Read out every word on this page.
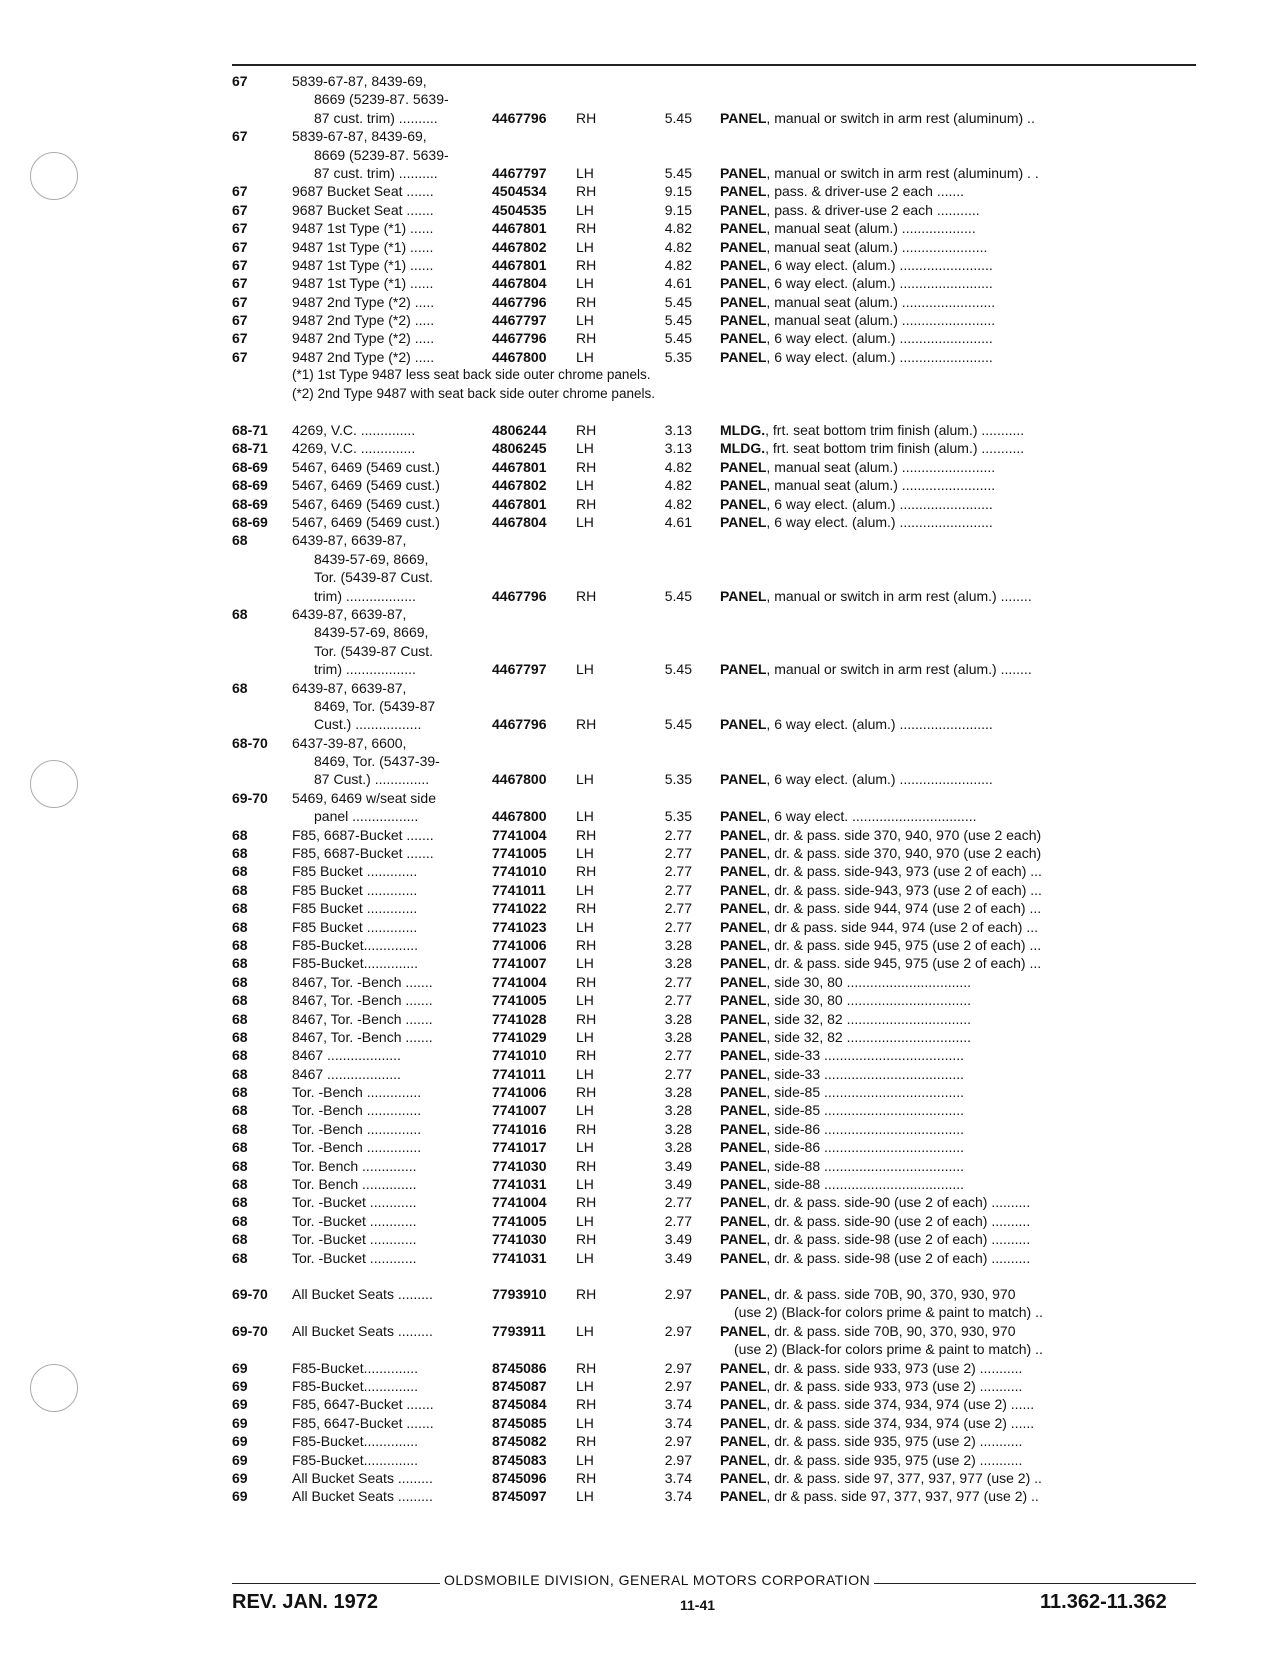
67	5839-67-87, 8439-69,
8669 (5239-87. 5639-
87 cust. trim) ..........	4467796	RH	5.45 PANEL, manual or switch in arm rest (aluminum) ..
67	5839-67-87, 8439-69,
8669 (5239-87. 5639-
87 cust. trim) ..........	4467797	LH	5.45 PANEL, manual or switch in arm rest (aluminum) . .
67	9687 Bucket Seat .......	4504534	RH	9.15 PANEL, pass. & driver-use 2 each .......
67	9687 Bucket Seat .......	4504535	LH	9.15 PANEL, pass. & driver-use 2 each ...........
67	9487 1st Type (*1) ......	4467801	RH	4.82 PANEL, manual seat (alum.) ...................
67	9487 1st Type (*1) ......	4467802	LH	4.82 PANEL, manual seat (alum.) ......................
67	9487 1st Type (*1) ......	4467801	RH	4.82 PANEL, 6 way elect. (alum.) ........................
67	9487 1st Type (*1) ......	4467804	LH	4.61 PANEL, 6 way elect. (alum.) ........................
67	9487 2nd Type (*2) .....	4467796	RH	5.45 PANEL, manual seat (alum.) ........................
67	9487 2nd Type (*2) .....	4467797	LH	5.45 PANEL, manual seat (alum.) ........................
67	9487 2nd Type (*2) .....	4467796	RH	5.45 PANEL, 6 way elect. (alum.) ........................
67	9487 2nd Type (*2) .....	4467800	LH	5.35 PANEL, 6 way elect. (alum.) ........................
(*1) 1st Type 9487 less seat back side outer chrome panels.
(*2) 2nd Type 9487 with seat back side outer chrome panels.
68-71	4269, V.C. ..............	4806244	RH	3.13 MLDG., frt. seat bottom trim finish (alum.) ...........
68-71	4269, V.C. ..............	4806245	LH	3.13 MLDG., frt. seat bottom trim finish (alum.) ...........
68-69	5467, 6469 (5469 cust.)	4467801	RH	4.82 PANEL, manual seat (alum.) ........................
68-69	5467, 6469 (5469 cust.)	4467802	LH	4.82 PANEL, manual seat (alum.) ........................
68-69	5467, 6469 (5469 cust.)	4467801	RH	4.82 PANEL, 6 way elect. (alum.) ........................
68-69	5467, 6469 (5469 cust.)	4467804	LH	4.61 PANEL, 6 way elect. (alum.) ........................
68	6439-87, 6639-87,
8439-57-69, 8669,
Tor. (5439-87 Cust.
trim) ..................	4467796	RH	5.45 PANEL, manual or switch in arm rest (alum.) ........
68	6439-87, 6639-87,
8439-57-69, 8669,
Tor. (5439-87 Cust.
trim) ..................	4467797	LH	5.45 PANEL, manual or switch in arm rest (alum.) ........
68	6439-87, 6639-87,
8469, Tor. (5439-87
Cust.) .................	4467796	RH	5.45 PANEL, 6 way elect. (alum.) ........................
68-70	6437-39-87, 6600,
8469, Tor. (5437-39-
87 Cust.) ..............	4467800	LH	5.35 PANEL, 6 way elect. (alum.) ........................
69-70	5469, 6469 w/seat side
panel .................	4467800	LH	5.35 PANEL, 6 way elect. ................................
68	F85, 6687-Bucket .......	7741004	RH	2.77 PANEL, dr. & pass. side 370, 940, 970 (use 2 each)
68	F85, 6687-Bucket .......	7741005	LH	2.77 PANEL, dr. & pass. side 370, 940, 970 (use 2 each)
68	F85 Bucket .............	7741010	RH	2.77 PANEL, dr. & pass. side-943, 973 (use 2 of each) ...
68	F85 Bucket .............	7741011	LH	2.77 PANEL, dr. & pass. side-943, 973 (use 2 of each) ...
68	F85 Bucket .............	7741022	RH	2.77 PANEL, dr. & pass. side 944, 974 (use 2 of each) ...
68	F85 Bucket .............	7741023	LH	2.77 PANEL, dr & pass. side 944, 974 (use 2 of each) ...
68	F85-Bucket..............	7741006	RH	3.28 PANEL, dr. & pass. side 945, 975 (use 2 of each) ...
68	F85-Bucket..............	7741007	LH	3.28 PANEL, dr. & pass. side 945, 975 (use 2 of each) ...
68	8467, Tor. -Bench .......	7741004	RH	2.77 PANEL, side 30, 80 ................................
68	8467, Tor. -Bench .......	7741005	LH	2.77 PANEL, side 30, 80 ................................
68	8467, Tor. -Bench .......	7741028	RH	3.28 PANEL, side 32, 82 ................................
68	8467, Tor. -Bench .......	7741029	LH	3.28 PANEL, side 32, 82 ................................
68	8467 ...................	7741010	RH	2.77 PANEL, side-33 ....................................
68	8467 ...................	7741011	LH	2.77 PANEL, side-33 ....................................
68	Tor. -Bench ..............	7741006	RH	3.28 PANEL, side-85 ....................................
68	Tor. -Bench ..............	7741007	LH	3.28 PANEL, side-85 ....................................
68	Tor. -Bench ..............	7741016	RH	3.28 PANEL, side-86 ....................................
68	Tor. -Bench ..............	7741017	LH	3.28 PANEL, side-86 ....................................
68	Tor. Bench ..............	7741030	RH	3.49 PANEL, side-88 ....................................
68	Tor. Bench ..............	7741031	LH	3.49 PANEL, side-88 ....................................
68	Tor. -Bucket ............	7741004	RH	2.77 PANEL, dr. & pass. side-90 (use 2 of each) ..........
68	Tor. -Bucket ............	7741005	LH	2.77 PANEL, dr. & pass. side-90 (use 2 of each) ..........
68	Tor. -Bucket ............	7741030	RH	3.49 PANEL, dr. & pass. side-98 (use 2 of each) ..........
68	Tor. -Bucket ............	7741031	LH	3.49 PANEL, dr. & pass. side-98 (use 2 of each) ..........
69-70	All Bucket Seats .........	7793910	RH	2.97 PANEL, dr. & pass. side 70B, 90, 370, 930, 970
(use 2) (Black-for colors prime & paint to match) ..
69-70	All Bucket Seats .........	7793911	LH	2.97 PANEL, dr. & pass. side 70B, 90, 370, 930, 970
(use 2) (Black-for colors prime & paint to match) ..
69	F85-Bucket..............	8745086	RH	2.97 PANEL, dr. & pass. side 933, 973 (use 2) ...........
69	F85-Bucket..............	8745087	LH	2.97 PANEL, dr. & pass. side 933, 973 (use 2) ...........
69	F85, 6647-Bucket .......	8745084	RH	3.74 PANEL, dr. & pass. side 374, 934, 974 (use 2) ......
69	F85, 6647-Bucket .......	8745085	LH	3.74 PANEL, dr. & pass. side 374, 934, 974 (use 2) ......
69	F85-Bucket..............	8745082	RH	2.97 PANEL, dr. & pass. side 935, 975 (use 2) ...........
69	F85-Bucket..............	8745083	LH	2.97 PANEL, dr. & pass. side 935, 975 (use 2) ...........
69	All Bucket Seats .........	8745096	RH	3.74 PANEL, dr. & pass. side 97, 377, 937, 977 (use 2) ..
69	All Bucket Seats .........	8745097	LH	3.74 PANEL, dr & pass. side 97, 377, 937, 977 (use 2) ..
OLDSMOBILE DIVISION, GENERAL MOTORS CORPORATION
REV. JAN. 1972	11-41	11.362-11.362
